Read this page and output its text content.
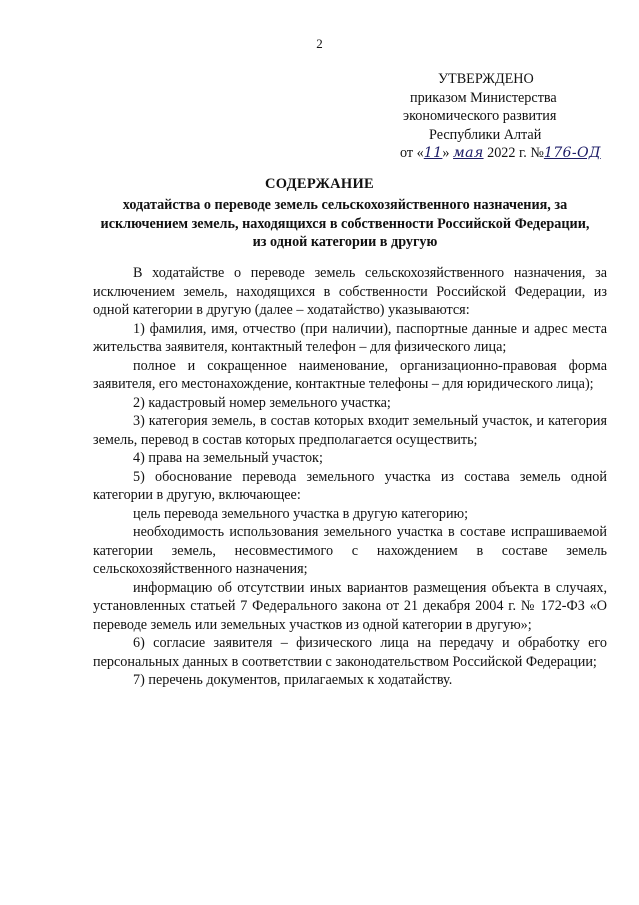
2
УТВЕРЖДЕНО
приказом Министерства
экономического развития
Республики Алтай
от «11» мая 2022 г. №176-ОД
СОДЕРЖАНИЕ
ходатайства о переводе земель сельскохозяйственного назначения, за исключением земель, находящихся в собственности Российской Федерации, из одной категории в другую

В ходатайстве о переводе земель сельскохозяйственного назначения, за исключением земель, находящихся в собственности Российской Федерации, из одной категории в другую (далее – ходатайство) указываются:

1) фамилия, имя, отчество (при наличии), паспортные данные и адрес места жительства заявителя, контактный телефон – для физического лица;

полное и сокращенное наименование, организационно-правовая форма заявителя, его местонахождение, контактные телефоны – для юридического лица);

2) кадастровый номер земельного участка;

3) категория земель, в состав которых входит земельный участок, и категория земель, перевод в состав которых предполагается осуществить;

4) права на земельный участок;

5) обоснование перевода земельного участка из состава земель одной категории в другую, включающее:

цель перевода земельного участка в другую категорию;

необходимость использования земельного участка в составе испрашиваемой категории земель, несовместимого с нахождением в составе земель сельскохозяйственного назначения;

информацию об отсутствии иных вариантов размещения объекта в случаях, установленных статьей 7 Федерального закона от 21 декабря 2004 г. № 172-ФЗ «О переводе земель или земельных участков из одной категории в другую»;

6) согласие заявителя – физического лица на передачу и обработку его персональных данных в соответствии с законодательством Российской Федерации;

7) перечень документов, прилагаемых к ходатайству.
